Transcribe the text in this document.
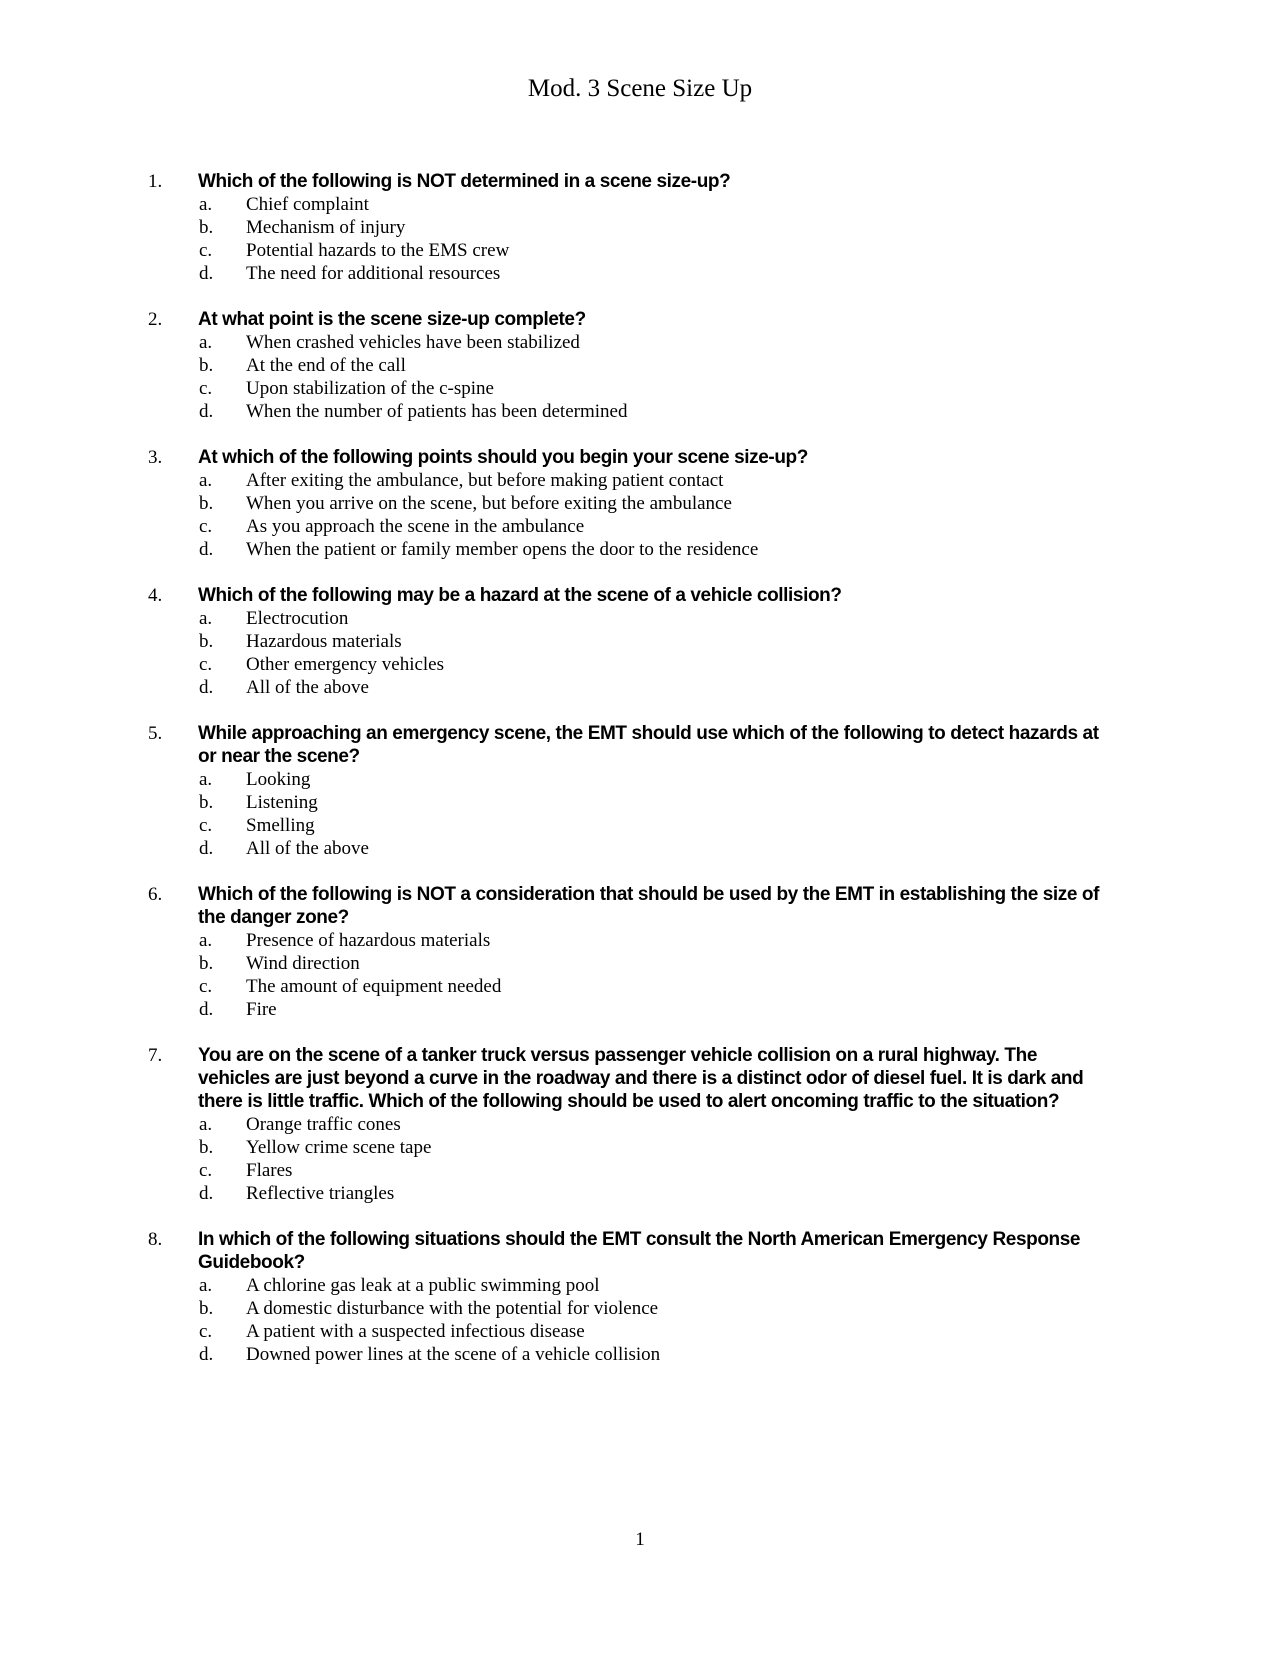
Mod. 3 Scene Size Up
1. Which of the following is NOT determined in a scene size-up?
a. Chief complaint
b. Mechanism of injury
c. Potential hazards to the EMS crew
d. The need for additional resources
2. At what point is the scene size-up complete?
a. When crashed vehicles have been stabilized
b. At the end of the call
c. Upon stabilization of the c-spine
d. When the number of patients has been determined
3. At which of the following points should you begin your scene size-up?
a. After exiting the ambulance, but before making patient contact
b. When you arrive on the scene, but before exiting the ambulance
c. As you approach the scene in the ambulance
d. When the patient or family member opens the door to the residence
4. Which of the following may be a hazard at the scene of a vehicle collision?
a. Electrocution
b. Hazardous materials
c. Other emergency vehicles
d. All of the above
5. While approaching an emergency scene, the EMT should use which of the following to detect hazards at or near the scene?
a. Looking
b. Listening
c. Smelling
d. All of the above
6. Which of the following is NOT a consideration that should be used by the EMT in establishing the size of the danger zone?
a. Presence of hazardous materials
b. Wind direction
c. The amount of equipment needed
d. Fire
7. You are on the scene of a tanker truck versus passenger vehicle collision on a rural highway. The vehicles are just beyond a curve in the roadway and there is a distinct odor of diesel fuel. It is dark and there is little traffic. Which of the following should be used to alert oncoming traffic to the situation?
a. Orange traffic cones
b. Yellow crime scene tape
c. Flares
d. Reflective triangles
8. In which of the following situations should the EMT consult the North American Emergency Response Guidebook?
a. A chlorine gas leak at a public swimming pool
b. A domestic disturbance with the potential for violence
c. A patient with a suspected infectious disease
d. Downed power lines at the scene of a vehicle collision
1
